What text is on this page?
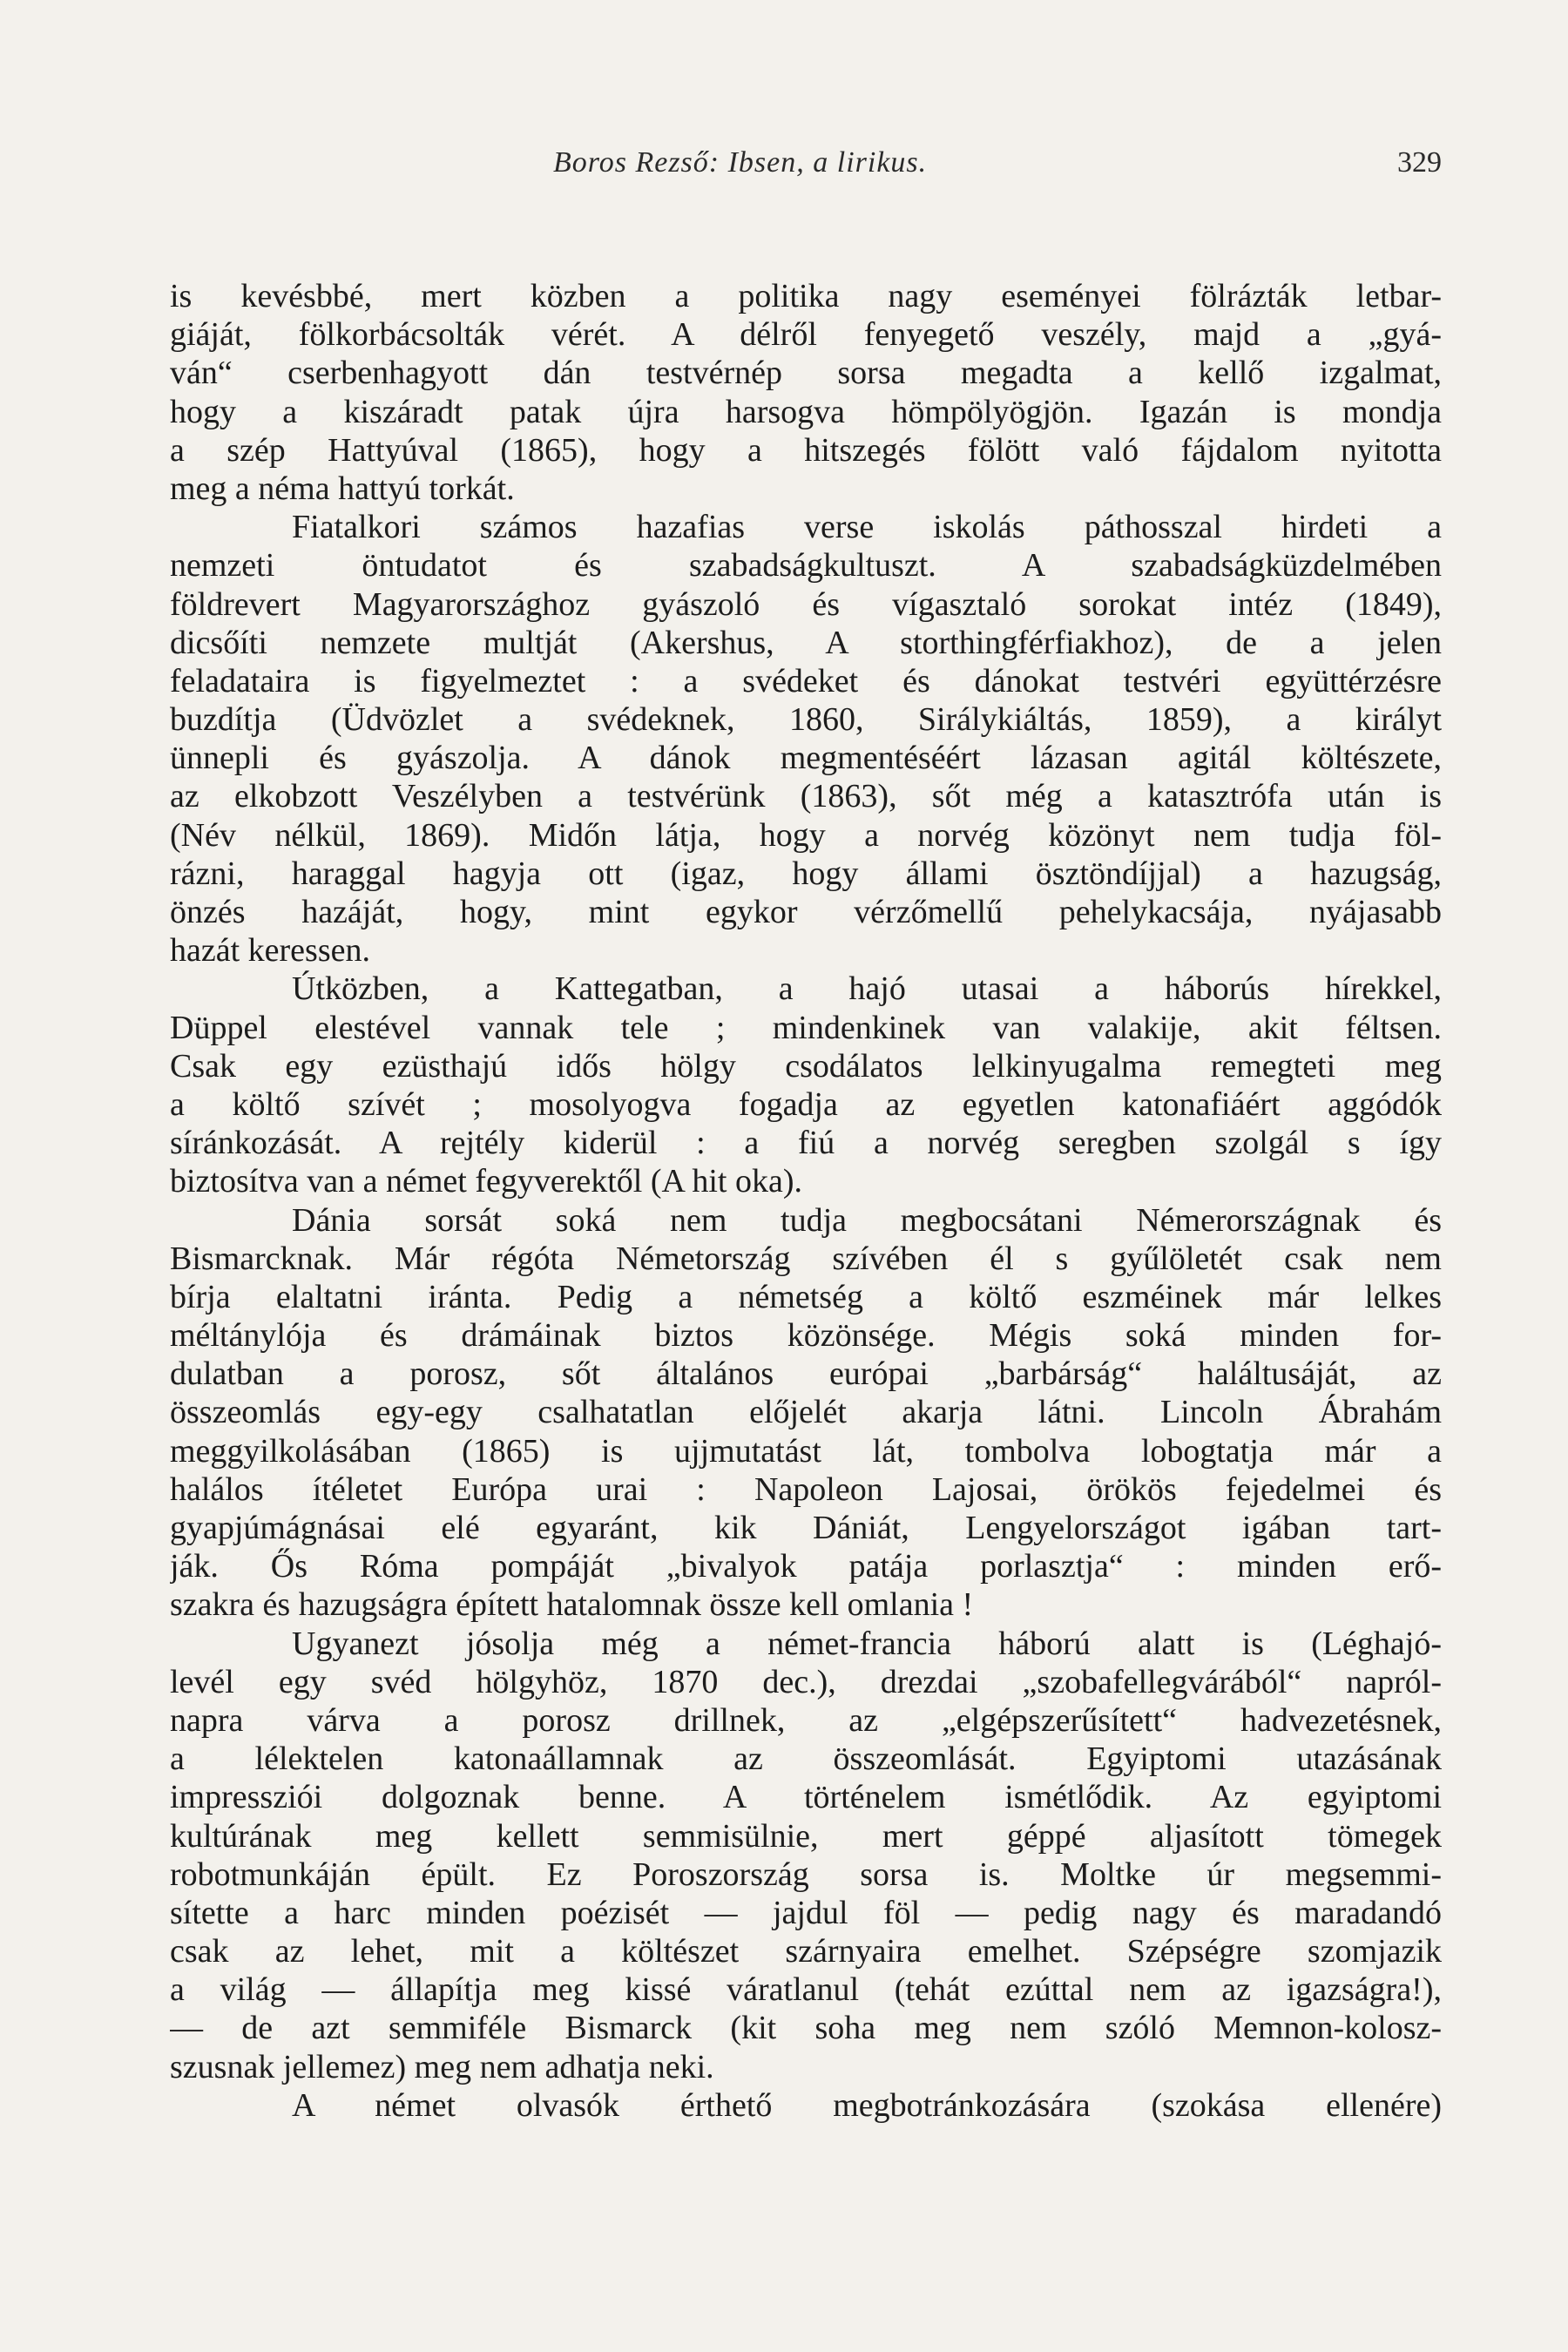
Boros Rezső: Ibsen, a lirikus.	329
is kevésbbé, mert közben a politika nagy eseményei fölrázták letbar-
giáját, fölkorbácsolták vérét. A délről fenyegető veszély, majd a „gyá-
ván“ cserbenhagyott dán testvérnép sorsa megadta a kellő izgalmat,
hogy a kiszáradt patak újra harsogva hömpölyögjön. Igazán is mondja
a szép Hattyúval (1865), hogy a hitszegés fölött való fájdalom nyitotta
meg a néma hattyú torkát.
Fiatalkori számos hazafias verse iskolás páthosszal hirdeti a
nemzeti öntudatot és szabadságkultuszt. A szabadságküzdelmében
földrevert Magyarországhoz gyászoló és vígasztaló sorokat intéz (1849),
dicsőíti nemzete multját (Akershus, A storthingférfiakhoz), de a jelen
feladataira is figyelmeztet : a svédeket és dánokat testvéri együttérzésre
buzdítja (Üdvözlet a svédeknek, 1860, Sirálykiáltás, 1859), a királyt
ünnepli és gyászolja. A dánok megmentéséért lázasan agitál költészete,
az elkobzott Veszélyben a testvérünk (1863), sőt még a katasztrófa után is
(Név nélkül, 1869). Midőn látja, hogy a norvég közönyt nem tudja föl-
rázni, haraggal hagyja ott (igaz, hogy állami ösztöndíjjal) a hazugság,
önzés hazáját, hogy, mint egykor vérzőmellű pehelykacsája, nyájasabb
hazát keressen.
Útközben, a Kattegatban, a hajó utasai a háborús hírekkel,
Düppel elestével vannak tele ; mindenkinek van valakije, akit féltsen.
Csak egy ezüsthajú idős hölgy csodálatos lelkinyugalma remegteti meg
a költő szívét ; mosolyogva fogadja az egyetlen katonafiáért aggódók
síránkozását. A rejtély kiderül : a fiú a norvég seregben szolgál s így
biztosítva van a német fegyverektől (A hit oka).
Dánia sorsát soká nem tudja megbocsátani Némerországnak és
Bismarcknak. Már régóta Németország szívében él s gyűlöletét csak nem
bírja elaltatni iránta. Pedig a németség a költő eszméinek már lelkes
méltánylója és drámáinak biztos közönsége. Mégis soká minden for-
dulatban a porosz, sőt általános európai „barbárság“ haláltusáját, az
összeomlás egy-egy csalhatatlan előjelét akarja látni. Lincoln Ábrahám
meggyilkolásában (1865) is ujjmutatást lát, tombolva lobogtatja már a
halálos ítéletet Európa urai : Napoleon Lajosai, örökös fejedelmei és
gyapjúmágnásai elé egyaránt, kik Dániát, Lengyelországot igában tart-
ják. Ős Róma pompáját „bivalyok patája porlasztja“ : minden erő-
szakra és hazugságra épített hatalomnak össze kell omlania !
Ugyanezt jósolja még a német-francia háború alatt is (Léghajó-
levél egy svéd hölgyhöz, 1870 dec.), drezdai „szobafellegvárából“ napról-
napra várva a porosz drillnek, az „elgépszerűsített“ hadvezetésnek,
a lélektelen katonaállamnak az összeomlását. Egyiptomi utazásának
impressziói dolgoznak benne. A történelem ismétlődik. Az egyiptomi
kultúrának meg kellett semmisülnie, mert géppé aljasított tömegek
robotmunkáján épült. Ez Poroszország sorsa is. Moltke úr megsemmi-
sítette a harc minden poézisét — jajdul föl — pedig nagy és maradandó
csak az lehet, mit a költészet szárnyaira emelhet. Szépségre szomjazik
a világ — állapítja meg kissé váratlanul (tehát ezúttal nem az igazságra!),
— de azt semmiféle Bismarck (kit soha meg nem szóló Memnon-kolosz-
szusnak jellemez) meg nem adhatja neki.
A német olvasók érthető megbotránkozására (szokása ellenére)
